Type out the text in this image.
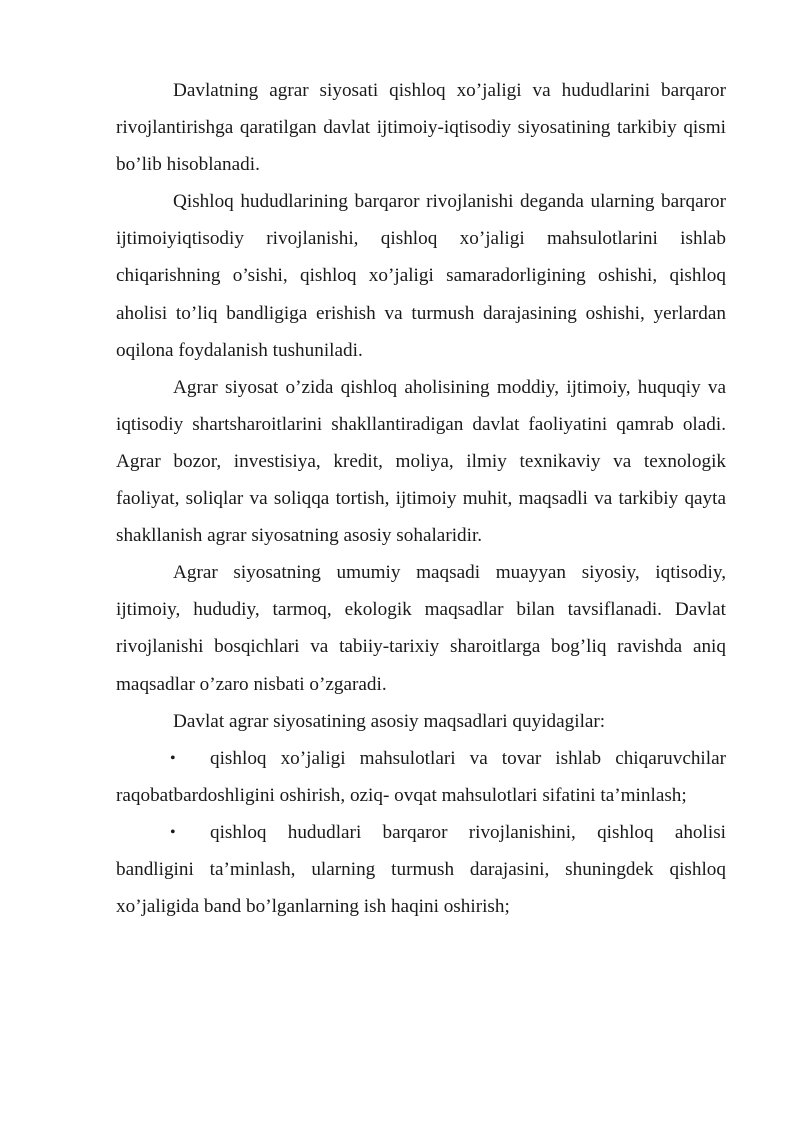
Davlatning agrar siyosati qishloq xo’jaligi va hududlarini barqaror rivojlantirishga qaratilgan davlat ijtimoiy-iqtisodiy siyosatining tarkibiy qismi bo’lib hisoblanadi.

Qishloq hududlarining barqaror rivojlanishi deganda ularning barqaror ijtimoiyiqtisodiy rivojlanishi, qishloq xo’jaligi mahsulotlarini ishlab chiqarishning o’sishi, qishloq xo’jaligi samaradorligining oshishi, qishloq aholisi to’liq bandligiga erishish va turmush darajasining oshishi, yerlardan oqilona foydalanish tushuniladi.

Agrar siyosat o’zida qishloq aholisining moddiy, ijtimoiy, huquqiy va iqtisodiy shartsharoitlarini shakllantiradigan davlat faoliyatini qamrab oladi. Agrar bozor, investisiya, kredit, moliya, ilmiy texnikaviy va texnologik faoliyat, soliqlar va soliqqa tortish, ijtimoiy muhit, maqsadli va tarkibiy qayta shakllanish agrar siyosatning asosiy sohalaridir.

Agrar siyosatning umumiy maqsadi muayyan siyosiy, iqtisodiy, ijtimoiy, hududiy, tarmoq, ekologik maqsadlar bilan tavsiflanadi. Davlat rivojlanishi bosqichlari va tabiiy-tarixiy sharoitlarga bog’liq ravishda aniq maqsadlar o’zaro nisbati o’zgaradi.

Davlat agrar siyosatining asosiy maqsadlari quyidagilar:

• qishloq xo’jaligi mahsulotlari va tovar ishlab chiqaruvchilar raqobatbardoshligini oshirish, oziq- ovqat mahsulotlari sifatini ta’minlash;
• qishloq hududlari barqaror rivojlanishini, qishloq aholisi bandligini ta’minlash, ularning turmush darajasini, shuningdek qishloq xo’jaligida band bo’lganlarning ish haqini oshirish;
